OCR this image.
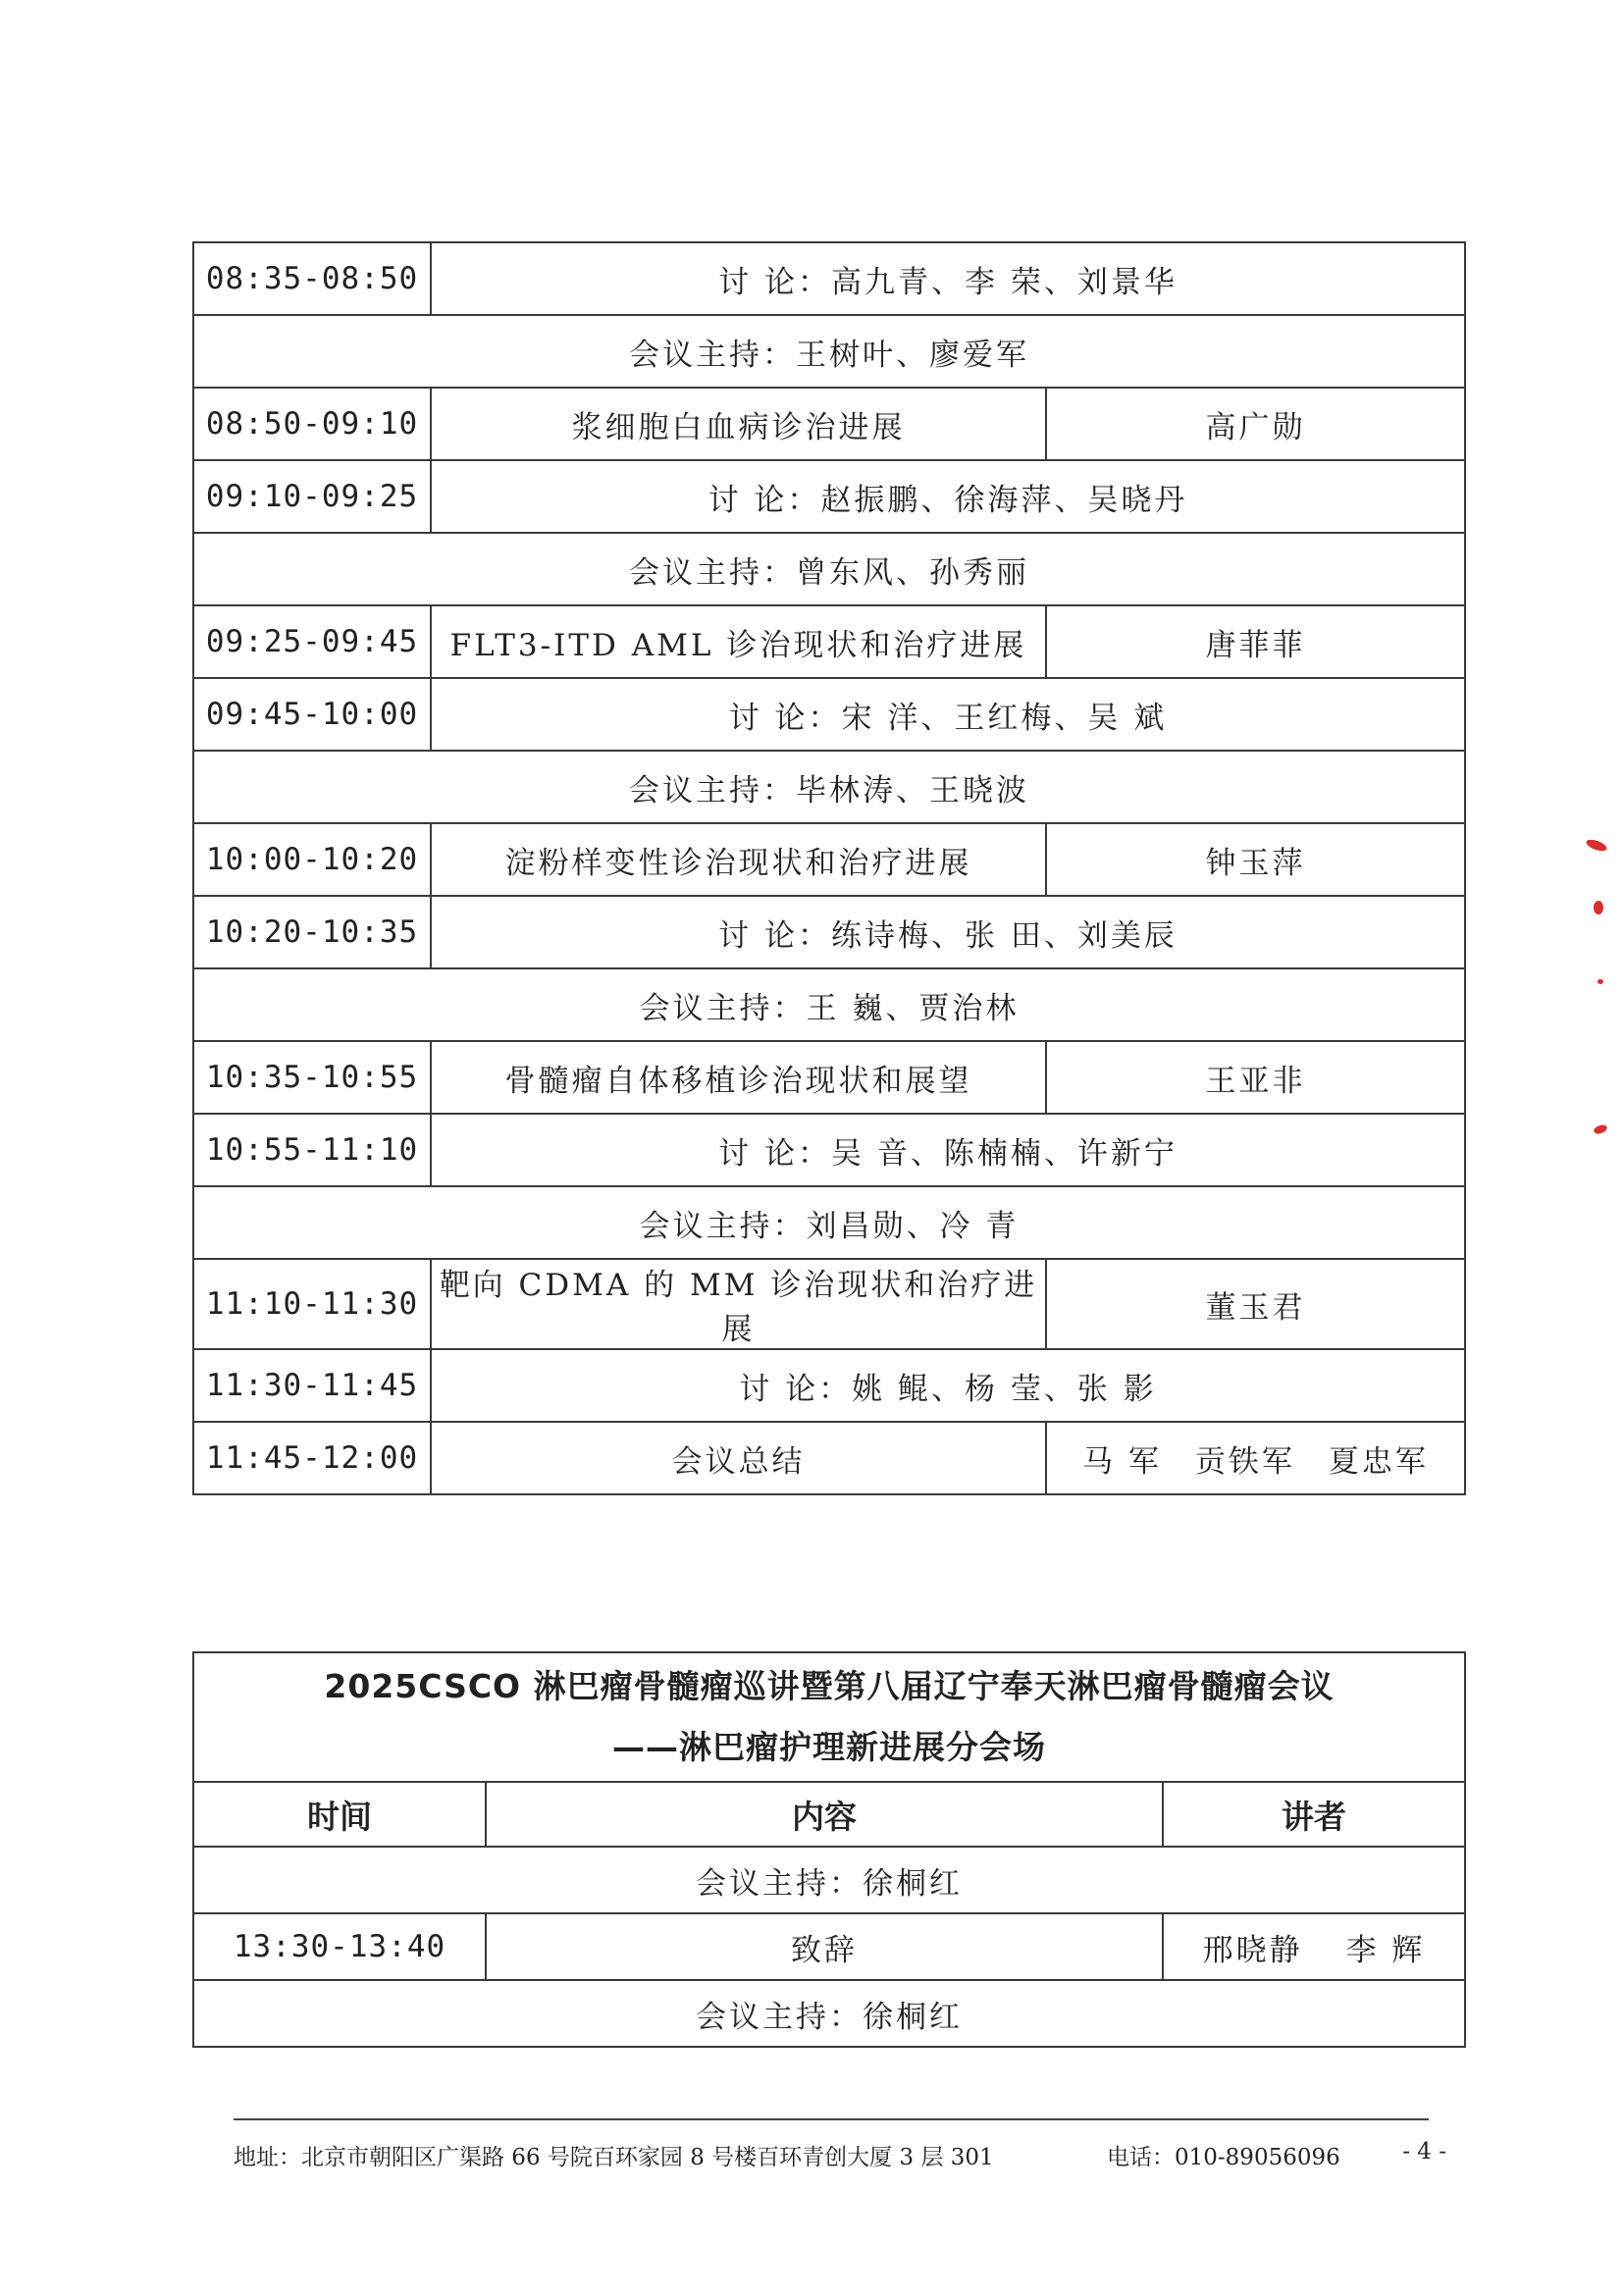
08:35-08:50	讨 论：高九青、李 荣、刘景华	
会议主持：王树叶、廖爱军		
08:50-09:10	浆细胞白血病诊治进展	高广勋
09:10-09:25	讨 论：赵振鹏、徐海萍、吴晓丹	
会议主持：曾东风、孙秀丽		
09:25-09:45	FLT3-ITD AML 诊治现状和治疗进展	唐菲菲
09:45-10:00	讨 论：宋 洋、王红梅、吴 斌	
会议主持：毕林涛、王晓波		
10:00-10:20	淀粉样变性诊治现状和治疗进展	钟玉萍
10:20-10:35	讨 论：练诗梅、张 田、刘美辰	
会议主持：王 巍、贾治林		
10:35-10:55	骨髓瘤自体移植诊治现状和展望	王亚非
10:55-11:10	讨 论：吴 音、陈楠楠、许新宁	
会议主持：刘昌勋、冷 青		
11:10-11:30	靶向 CDMA 的 MM 诊治现状和治疗进展	董玉君
11:30-11:45	讨 论：姚 鲲、杨 莹、张 影	
11:45-12:00	会议总结	马 军 贡铁军 夏忠军
2025CSCO 淋巴瘤骨髓瘤巡讲暨第八届辽宁奉天淋巴瘤骨髓瘤会议
——淋巴瘤护理新进展分会场		

时间	内容	讲者
会议主持：徐桐红		
13:30-13:40	致辞	邢晓静 李 辉
会议主持：徐桐红		
地址：北京市朝阳区广渠路 66 号院百环家园 8 号楼百环青创大厦 3 层 301	电话：010-89056096	- 4 -
